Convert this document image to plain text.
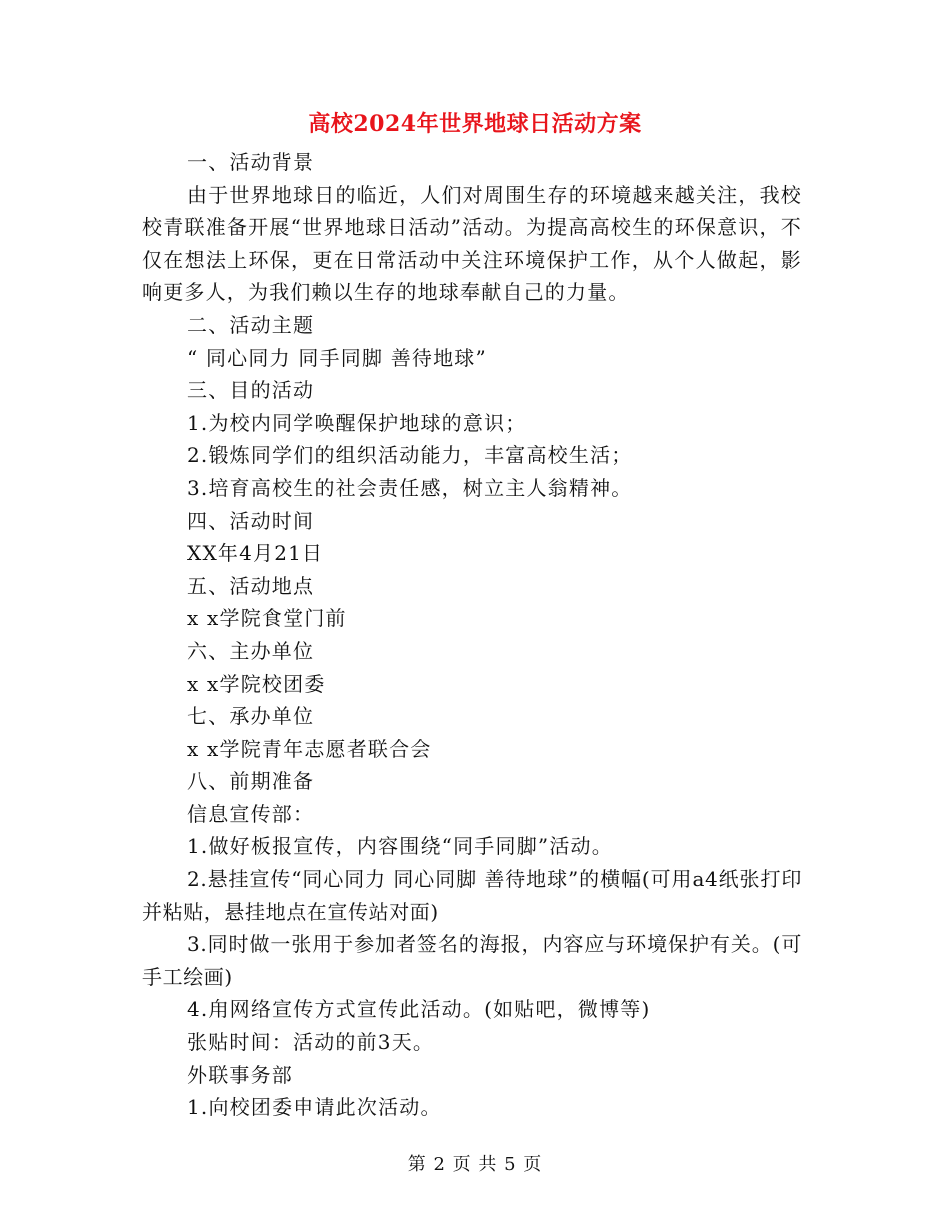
高校2024年世界地球日活动方案

一、活动背景

由于世界地球日的临近，人们对周围生存的环境越来越关注，我校校青联准备开展“世界地球日活动”活动。为提高高校生的环保意识，不仅在想法上环保，更在日常活动中关注环境保护工作，从个人做起，影响更多人，为我们赖以生存的地球奉献自己的力量。

二、活动主题

“ 同心同力 同手同脚 善待地球”

三、目的活动

1.为校内同学唤醒保护地球的意识；

2.锻炼同学们的组织活动能力，丰富高校生活；

3.培育高校生的社会责任感，树立主人翁精神。

四、活动时间

XX年4月21日

五、活动地点

x x学院食堂门前

六、主办单位

x x学院校团委

七、承办单位

x x学院青年志愿者联合会

八、前期准备

信息宣传部：

1.做好板报宣传，内容围绕“同手同脚”活动。

2.悬挂宣传“同心同力 同心同脚 善待地球”的横幅(可用a4纸张打印并粘贴，悬挂地点在宣传站对面)

3.同时做一张用于参加者签名的海报，内容应与环境保护有关。(可手工绘画)

4.甪网络宣传方式宣传此活动。(如贴吧，微博等)

张贴时间：活动的前3天。

外联事务部

1.向校团委申请此次活动。

第 2 页 共 5 页
